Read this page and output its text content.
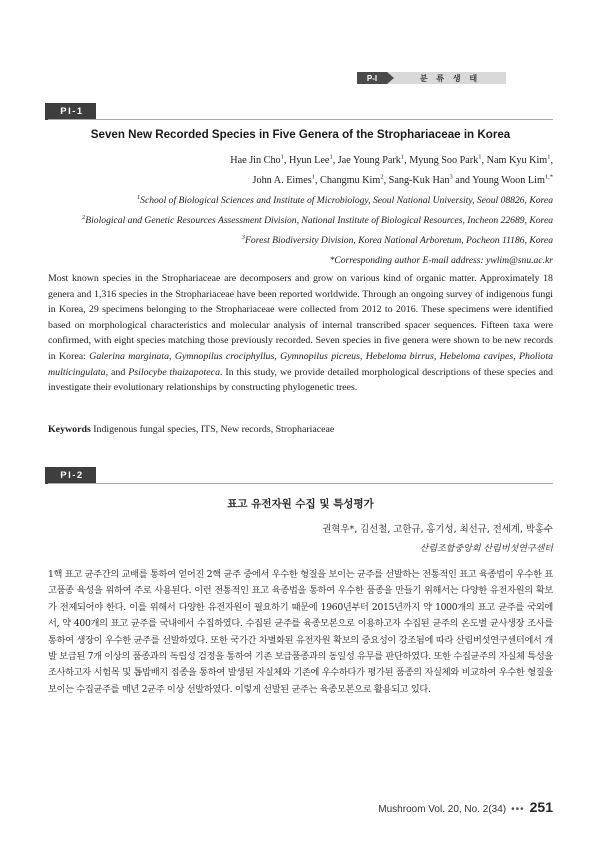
P-I	분 류 생 태
PI-1
Seven New Recorded Species in Five Genera of the Strophariaceae in Korea
Hae Jin Cho$^1$, Hyun Lee$^1$, Jae Young Park$^1$, Myung Soo Park$^1$, Nam Kyu Kim$^1$,
John A. Eimes$^1$, Changmu Kim$^2$, Sang-Kuk Han$^3$ and Young Woon Lim$^{1,*}$
$^1$School of Biological Sciences and Institute of Microbiology, Seoul National University, Seoul 08826, Korea
$^2$Biological and Genetic Resources Assessment Division, National Institute of Biological Resources, Incheon 22689, Korea
$^3$Forest Biodiversity Division, Korea National Arboretum, Pocheon 11186, Korea
*Corresponding author E-mail address: ywlim@snu.ac.kr

Most known species in the Strophariaceae are decomposers and grow on various kind of organic matter. Approximately 18 genera and 1,316 species in the Strophariaceae have been reported worldwide. Through an ongoing survey of indigenous fungi in Korea, 29 specimens belonging to the Strophariaceae were collected from 2012 to 2016. These specimens were identified based on morphological characteristics and molecular analysis of internal transcribed spacer sequences. Fifteen taxa were confirmed, with eight species matching those previously recorded. Seven species in five genera were shown to be new records in Korea: Galerina marginata, Gymnopilus crociphyllus, Gymnopilus picreus, Hebeloma birrus, Hebeloma cavipes, Pholiota multicingulata, and Psilocybe thaizapoteca. In this study, we provide detailed morphological descriptions of these species and investigate their evolutionary relationships by constructing phylogenetic trees.

Keywords Indigenous fungal species, ITS, New records, Strophariaceae
PI-2
표고 유전자원 수집 및 특성평가
권혁우*, 김선철, 고한규, 홍기성, 최선규, 전세계, 박홍수
산림조합중앙회 산림버섯연구센터

1핵 표고 균주간의 교배를 통하여 얻어진 2핵 균주 중에서 우수한 형질을 보이는 균주를 선발하는 전통적인 표고 육종법이 우수한 표고품종 육성을 위하여 주로 사용된다. 이런 전통적인 표고 육종법을 통하여 우수한 품종을 만들기 위해서는 다양한 유전자원의 확보가 전제되어야 한다. 이를 위해서 다양한 유전자원이 필요하기 때문에 1960년부터 2015년까지 약 1000개의 표고 균주를 국외에서, 약 400개의 표고 균주를 국내에서 수집하였다. 수집된 균주를 육종모본으로 이용하고자 수집된 균주의 온도별 균사생장 조사를 통하여 생장이 우수한 균주를 선발하였다. 또한 국가간 차별화된 유전자원 확보의 중요성이 강조됨에 따라 산림버섯연구센터에서 개발 보급된 7개 이상의 품종과의 독립성 검정을 통하여 기존 보급품종과의 동일성 유무를 판단하였다. 또한 수집균주의 자실체 특성을 조사하고자 시험목 및 톱밥배지 접종을 통하여 발생된 자실체와 기존에 우수하다가 평가된 품종의 자실체와 비교하여 우수한 형질을 보이는 수집균주를 매년 2균주 이상 선발하였다. 이렇게 선발된 균주는 육종모본으로 활용되고 있다.

Mushroom Vol. 20, No. 2(34) ••• 251
